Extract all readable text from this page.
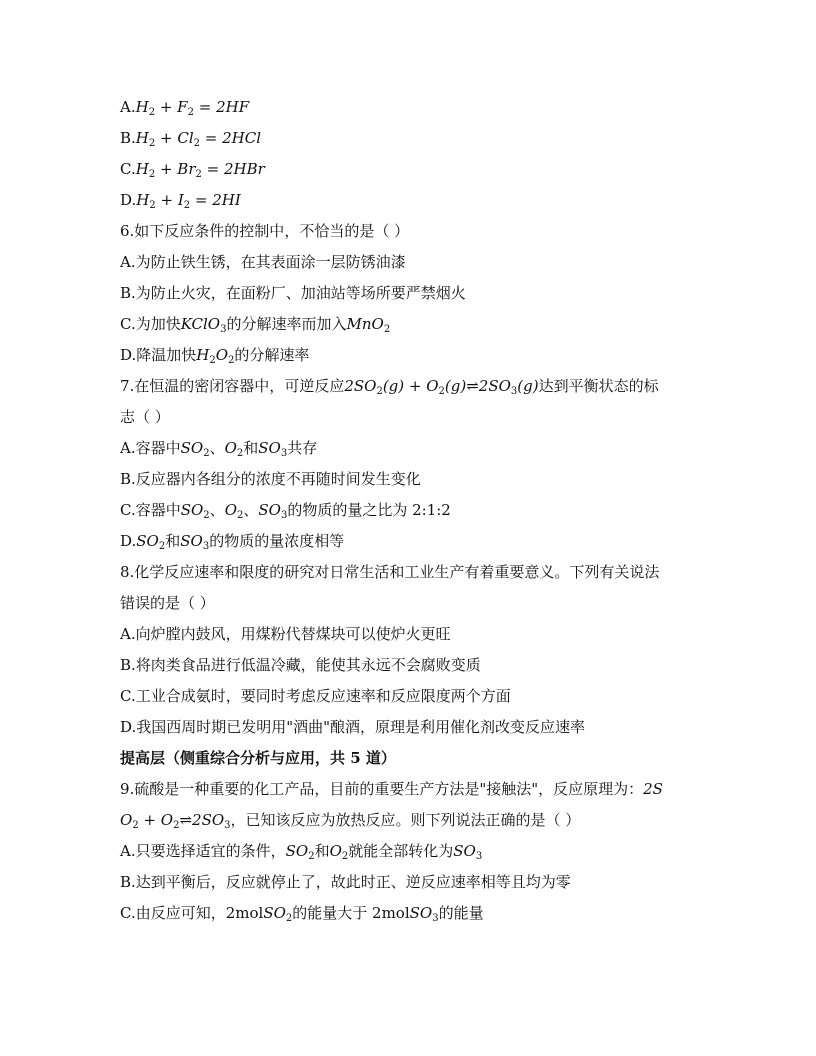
$A.H_2 + F_2 = 2HF$
$B.H_2 + Cl_2 = 2HCl$
$C.H_2 + Br_2 = 2HBr$
$D.H_2 + I_2 = 2HI$
6.如下反应条件的控制中，不恰当的是（ ）
A.为防止铁生锈，在其表面涂一层防锈油漆
B.为防止火灾，在面粉厂、加油站等场所要严禁烟火
C.为加快KClO$_3$的分解速率而加入MnO$_2$
D.降温加快$H_2O_2$的分解速率
7.在恒温的密闭容器中，可逆反应$2SO_2(g)$ + $O_2(g)\rightleftharpoons 2SO_3(g)$达到平衡状态的标
志（ ）
A.容器中$SO_2$、$O_2$和$SO_3$共存
B.反应器内各组分的浓度不再随时间发生变化
C.容器中$SO_2$、$O_2$、$SO_3$的物质的量之比为 2:1:2
$D.SO_2$和$SO_3$的物质的量浓度相等
8.化学反应速率和限度的研究对日常生活和工业生产有着重要意义。下列有关说法
错误的是（ ）
A.向炉膛内鼓风，用煤粉代替煤块可以使炉火更旺
B.将肉类食品进行低温冷藏，能使其永远不会腐败变质
C.工业合成氨时，要同时考虑反应速率和反应限度两个方面
D.我国西周时期已发明用"酒曲"酿酒，原理是利用催化剂改变反应速率
提高层（侧重综合分析与应用，共 5 道）
9.硫酸是一种重要的化工产品，目前的重要生产方法是"接触法"，反应原理为：2S
$O_2$ + $O_2\rightleftharpoons 2SO_3$，已知该反应为放热反应。则下列说法正确的是（ ）
A.只要选择适宜的条件，$SO_2$和$O_2$就能全部转化为$SO_3$
B.达到平衡后，反应就停止了，故此时正、逆反应速率相等且均为零
C.由反应可知，2molSO$_2$的能量大于 2molSO$_3$的能量
